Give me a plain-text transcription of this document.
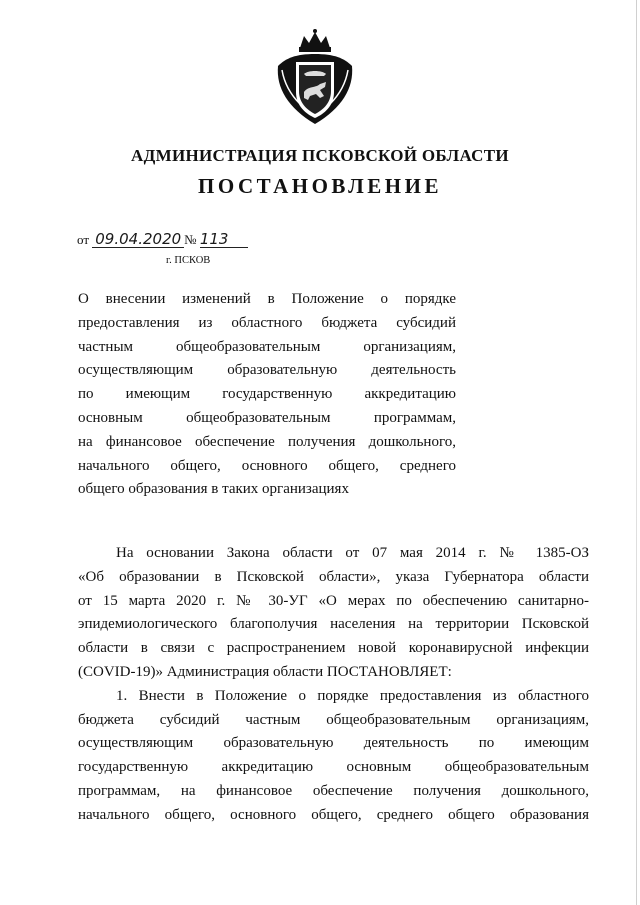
АДМИНИСТРАЦИЯ ПСКОВСКОЙ ОБЛАСТИ
ПОСТАНОВЛЕНИЕ
от 09.04.2020 № 113
г. ПСКОВ
О внесении изменений в Положение о порядке
предоставления из областного бюджета субсидий
частным общеобразовательным организациям,
осуществляющим образовательную деятельность
по имеющим государственную аккредитацию
основным общеобразовательным программам,
на финансовое обеспечение получения дошкольного,
начального общего, основного общего, среднего
общего образования в таких организациях
На основании Закона области от 07 мая 2014 г. № 1385-ОЗ
«Об образовании в Псковской области», указа Губернатора области
от 15 марта 2020 г. № 30-УГ «О мерах по обеспечению санитарно-
эпидемиологического благополучия населения на территории Псковской
области в связи с распространением новой коронавирусной инфекции
(COVID-19)» Администрация области ПОСТАНОВЛЯЕТ:
1. Внести в Положение о порядке предоставления из областного
бюджета субсидий частным общеобразовательным организациям,
осуществляющим образовательную деятельность по имеющим
государственную аккредитацию основным общеобразовательным
программам, на финансовое обеспечение получения дошкольного,
начального общего, основного общего, среднего общего образования
